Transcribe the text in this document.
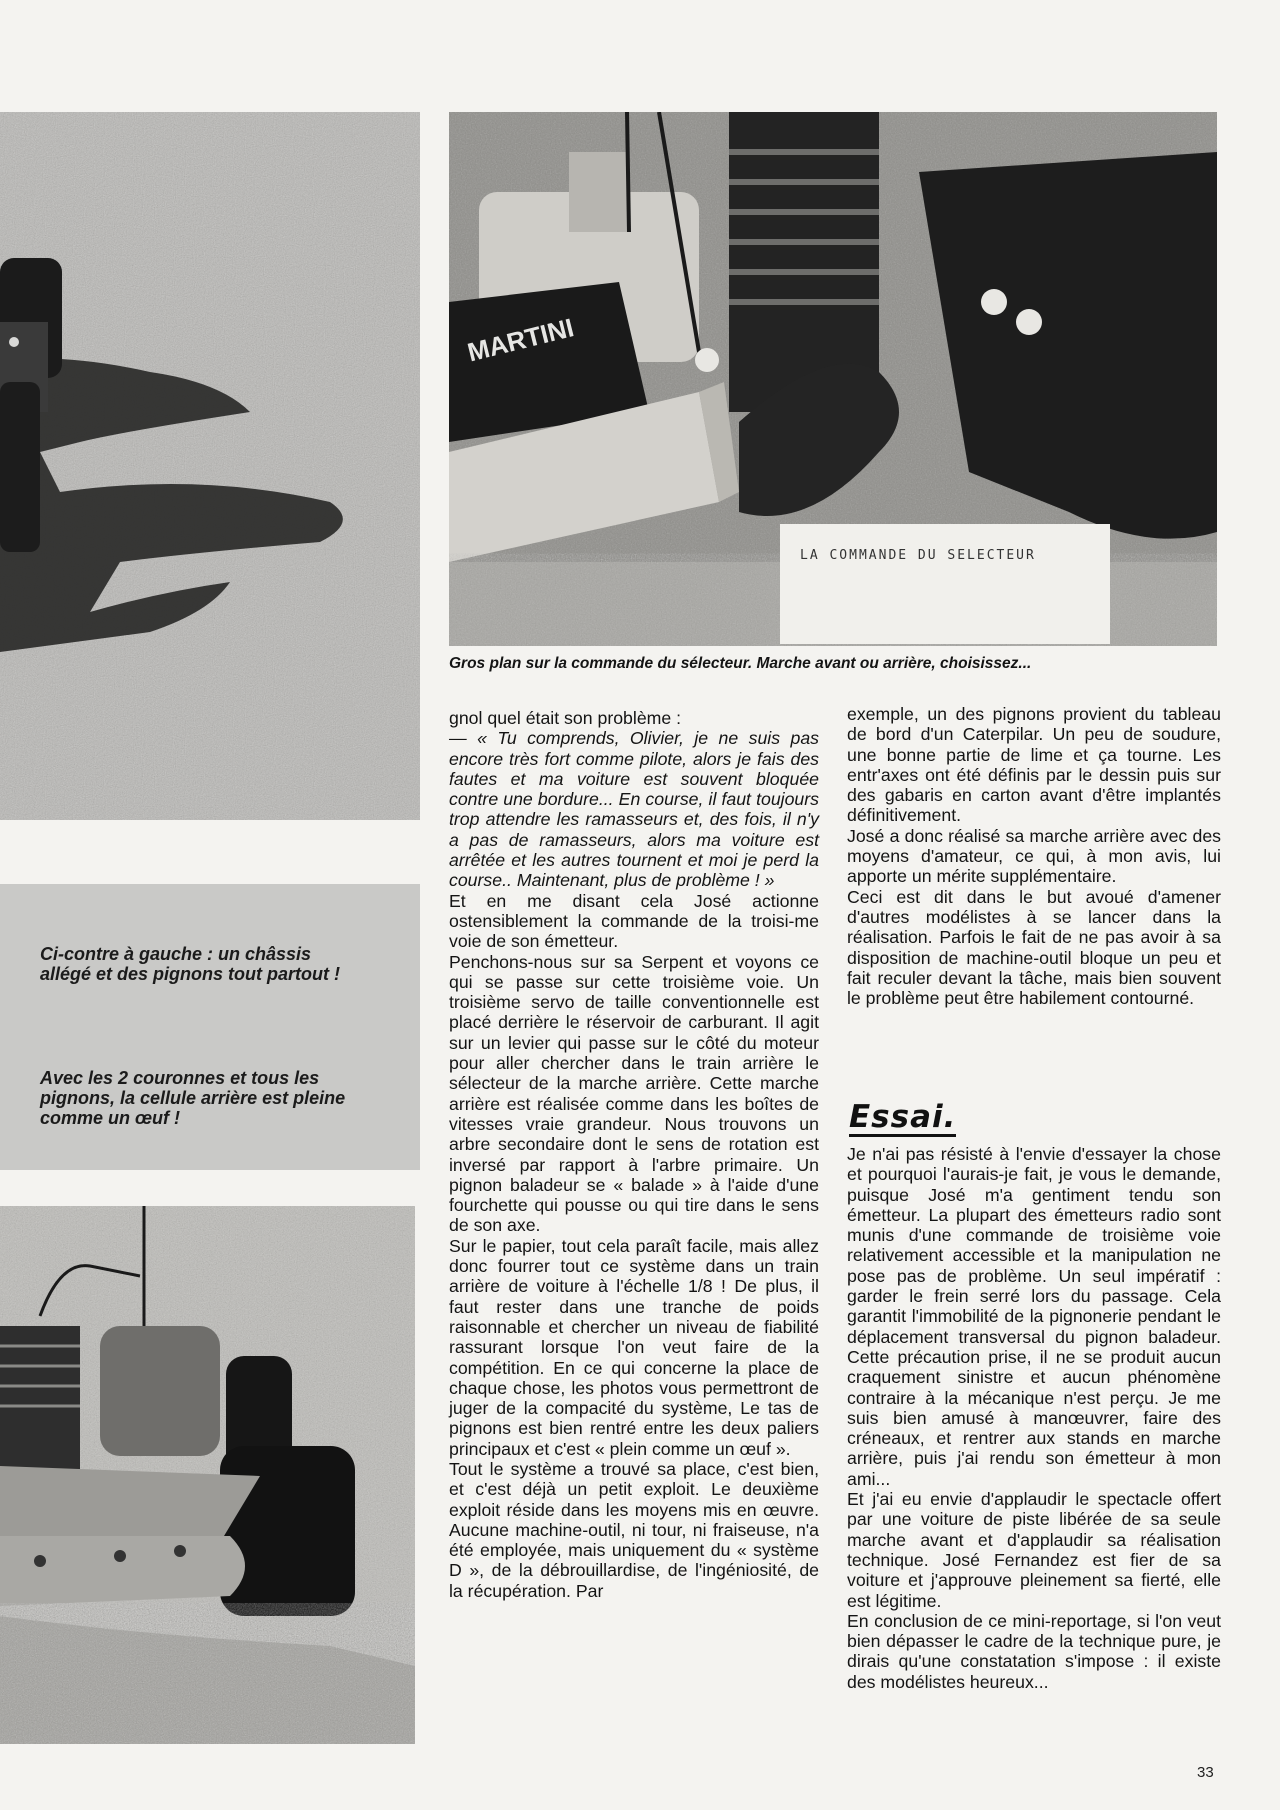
MARTINI
LA COMMANDE DU SELECTEUR
Gros plan sur la commande du sélecteur. Marche avant ou arrière, choisissez...
Ci-contre à gauche : un châssis allégé et des pignons tout partout !
Avec les 2 couronnes et tous les pignons, la cellule arrière est pleine comme un œuf !

gnol quel était son problème :

— « Tu comprends, Olivier, je ne suis pas encore très fort comme pilote, alors je fais des fautes et ma voiture est souvent bloquée contre une bordure... En course, il faut toujours trop attendre les ramasseurs et, des fois, il n'y a pas de ramasseurs, alors ma voiture est arrêtée et les autres tournent et moi je perd la course.. Maintenant, plus de problème ! »

Et en me disant cela José actionne ostensiblement la commande de la troisi-me voie de son émetteur.

Penchons-nous sur sa Serpent et voyons ce qui se passe sur cette troisième voie. Un troisième servo de taille conventionnelle est placé derrière le réservoir de carburant. Il agit sur un levier qui passe sur le côté du moteur pour aller chercher dans le train arrière le sélecteur de la marche arrière. Cette marche arrière est réalisée comme dans les boîtes de vitesses vraie grandeur. Nous trouvons un arbre secondaire dont le sens de rotation est inversé par rapport à l'arbre primaire. Un pignon baladeur se « balade » à l'aide d'une fourchette qui pousse ou qui tire dans le sens de son axe.

Sur le papier, tout cela paraît facile, mais allez donc fourrer tout ce système dans un train arrière de voiture à l'échelle 1/8 ! De plus, il faut rester dans une tranche de poids raisonnable et chercher un niveau de fiabilité rassurant lorsque l'on veut faire de la compétition. En ce qui concerne la place de chaque chose, les photos vous permettront de juger de la compacité du système, Le tas de pignons est bien rentré entre les deux paliers principaux et c'est « plein comme un œuf ».

Tout le système a trouvé sa place, c'est bien, et c'est déjà un petit exploit. Le deuxième exploit réside dans les moyens mis en œuvre. Aucune machine-outil, ni tour, ni fraiseuse, n'a été employée, mais uniquement du « système D », de la débrouillardise, de l'ingéniosité, de la récupération. Par

exemple, un des pignons provient du tableau de bord d'un Caterpilar. Un peu de soudure, une bonne partie de lime et ça tourne. Les entr'axes ont été définis par le dessin puis sur des gabaris en carton avant d'être implantés définitivement.

José a donc réalisé sa marche arrière avec des moyens d'amateur, ce qui, à mon avis, lui apporte un mérite supplémentaire.

Ceci est dit dans le but avoué d'amener d'autres modélistes à se lancer dans la réalisation. Parfois le fait de ne pas avoir à sa disposition de machine-outil bloque un peu et fait reculer devant la tâche, mais bien souvent le problème peut être habilement contourné.

Essai.

Je n'ai pas résisté à l'envie d'essayer la chose et pourquoi l'aurais-je fait, je vous le demande, puisque José m'a gentiment tendu son émetteur. La plupart des émetteurs radio sont munis d'une commande de troisième voie relativement accessible et la manipulation ne pose pas de problème. Un seul impératif : garder le frein serré lors du passage. Cela garantit l'immobilité de la pignonerie pendant le déplacement transversal du pignon baladeur. Cette précaution prise, il ne se produit aucun craquement sinistre et aucun phénomène contraire à la mécanique n'est perçu. Je me suis bien amusé à manœuvrer, faire des créneaux, et rentrer aux stands en marche arrière, puis j'ai rendu son émetteur à mon ami...

Et j'ai eu envie d'applaudir le spectacle offert par une voiture de piste libérée de sa seule marche avant et d'applaudir sa réalisation technique. José Fernandez est fier de sa voiture et j'approuve pleinement sa fierté, elle est légitime.

En conclusion de ce mini-reportage, si l'on veut bien dépasser le cadre de la technique pure, je dirais qu'une constatation s'impose : il existe des modélistes heureux...

33
